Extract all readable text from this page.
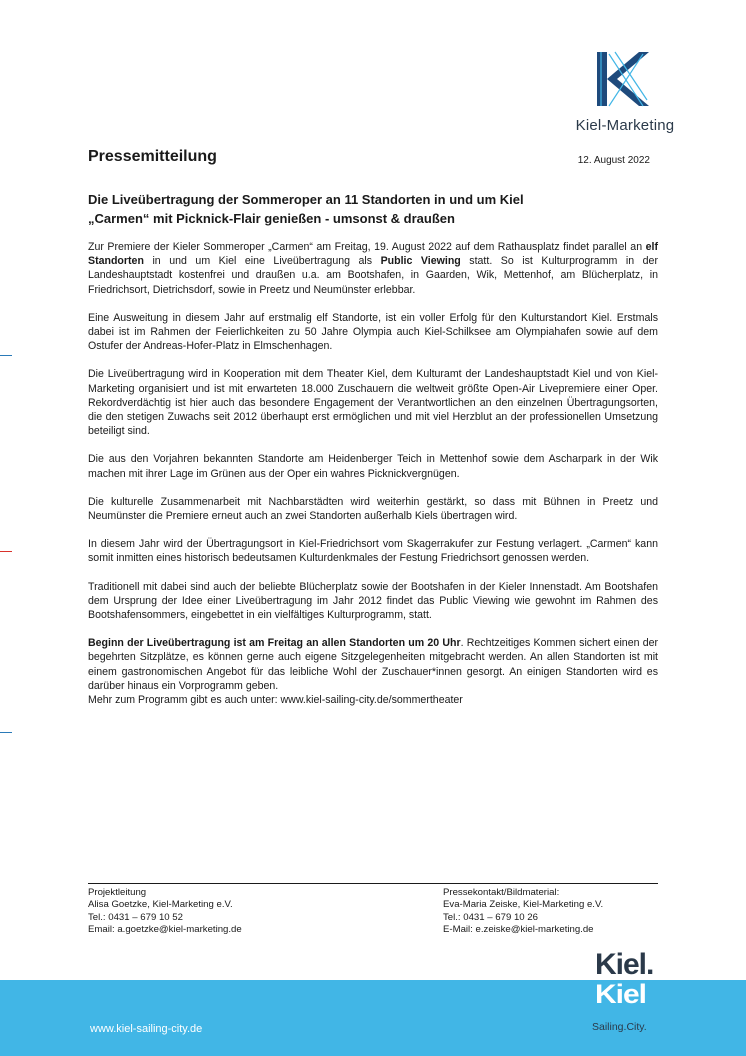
Kiel-Marketing
Pressemitteilung	12. August 2022
Die Liveübertragung der Sommeroper an 11 Standorten in und um Kiel
„Carmen“ mit Picknick-Flair genießen - umsonst & draußen

Zur Premiere der Kieler Sommeroper „Carmen“ am Freitag, 19. August 2022 auf dem Rathausplatz findet parallel an elf Standorten in und um Kiel eine Liveübertragung als Public Viewing statt. So ist Kulturprogramm in der Landeshauptstadt kostenfrei und draußen u.a. am Bootshafen, in Gaarden, Wik, Mettenhof, am Blücherplatz, in Friedrichsort, Dietrichsdorf, sowie in Preetz und Neumünster erlebbar.

Eine Ausweitung in diesem Jahr auf erstmalig elf Standorte, ist ein voller Erfolg für den Kulturstandort Kiel. Erstmals dabei ist im Rahmen der Feierlichkeiten zu 50 Jahre Olympia auch Kiel-Schilksee am Olympiahafen sowie auf dem Ostufer der Andreas-Hofer-Platz in Elmschenhagen.

Die Liveübertragung wird in Kooperation mit dem Theater Kiel, dem Kulturamt der Landeshauptstadt Kiel und von Kiel-Marketing organisiert und ist mit erwarteten 18.000 Zuschauern die weltweit größte Open-Air Livepremiere einer Oper. Rekordverdächtig ist hier auch das besondere Engagement der Verantwortlichen an den einzelnen Übertragungsorten, die den stetigen Zuwachs seit 2012 überhaupt erst ermöglichen und mit viel Herzblut an der professionellen Umsetzung beteiligt sind.

Die aus den Vorjahren bekannten Standorte am Heidenberger Teich in Mettenhof sowie dem Ascharpark in der Wik machen mit ihrer Lage im Grünen aus der Oper ein wahres Picknickvergnügen.

Die kulturelle Zusammenarbeit mit Nachbarstädten wird weiterhin gestärkt, so dass mit Bühnen in Preetz und Neumünster die Premiere erneut auch an zwei Standorten außerhalb Kiels übertragen wird.

In diesem Jahr wird der Übertragungsort in Kiel-Friedrichsort vom Skagerrakufer zur Festung verlagert. „Carmen“ kann somit inmitten eines historisch bedeutsamen Kulturdenkmales der Festung Friedrichsort genossen werden.

Traditionell mit dabei sind auch der beliebte Blücherplatz sowie der Bootshafen in der Kieler Innenstadt. Am Bootshafen dem Ursprung der Idee einer Liveübertragung im Jahr 2012 findet das Public Viewing wie gewohnt im Rahmen des Bootshafensommers, eingebettet in ein vielfältiges Kulturprogramm, statt.

Beginn der Liveübertragung ist am Freitag an allen Standorten um 20 Uhr. Rechtzeitiges Kommen sichert einen der begehrten Sitzplätze, es können gerne auch eigene Sitzgelegenheiten mitgebracht werden. An allen Standorten ist mit einem gastronomischen Angebot für das leibliche Wohl der Zuschauer*innen gesorgt. An einigen Standorten wird es darüber hinaus ein Vorprogramm geben.
Mehr zum Programm gibt es auch unter: www.kiel-sailing-city.de/sommertheater

Projektleitung
Alisa Goetzke, Kiel-Marketing e.V.
Tel.: 0431 – 679 10 52
Email: a.goetzke@kiel-marketing.de
Pressekontakt/Bildmaterial:
Eva-Maria Zeiske, Kiel-Marketing e.V.
Tel.: 0431 – 679 10 26
E-Mail: e.zeiske@kiel-marketing.de
www.kiel-sailing-city.de
Kiel.
Kiel
Sailing.City.
